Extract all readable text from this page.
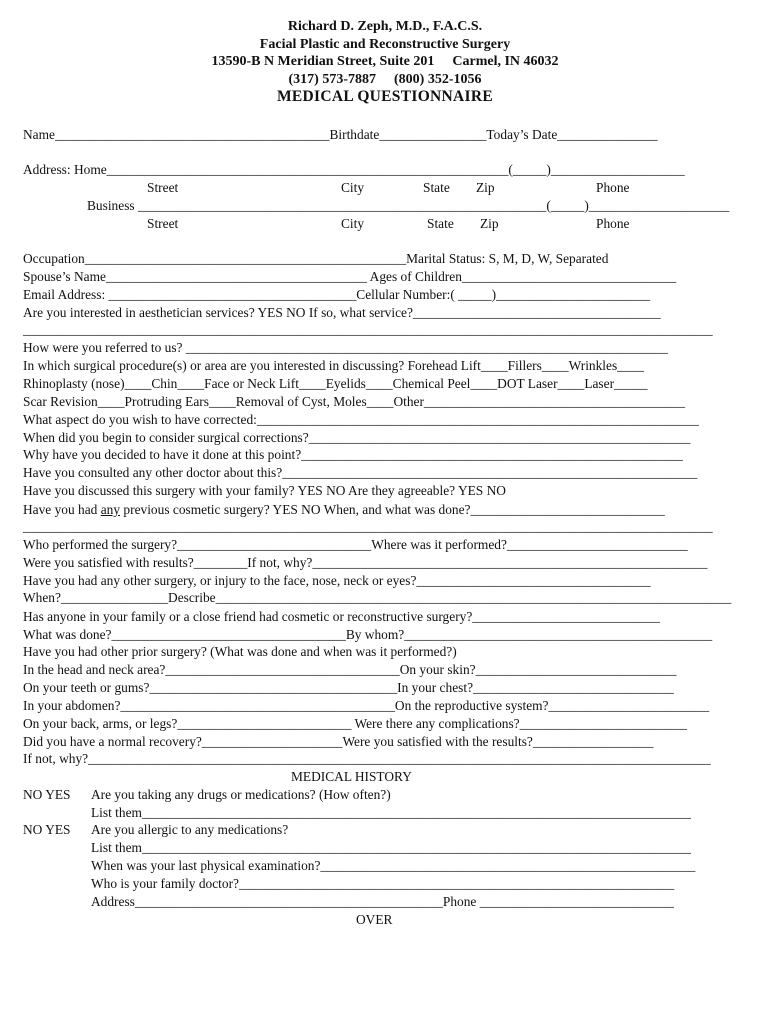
Richard D. Zeph, M.D., F.A.C.S.
Facial Plastic and Reconstructive Surgery
13590-B N Meridian Street, Suite 201 Carmel, IN 46032
(317) 573-7887 (800) 352-1056
MEDICAL QUESTIONNAIRE
Name_________________________________________Birthdate________________Today’s Date_______________
Address: Home____________________________________________________________(_____)____________________
Street	City	State Zip	Phone
Business _____________________________________________________________(_____)_____________________
Street	City	State Zip	Phone
Occupation________________________________________________Marital Status: S, M, D, W, Separated
Spouse’s Name_______________________________________ Ages of Children________________________________
Email Address: _____________________________________Cellular Number:( _____)_______________________
Are you interested in aesthetician services? YES NO If so, what service?_____________________________________
_______________________________________________________________________________________________________
How were you referred to us? ________________________________________________________________________
In which surgical procedure(s) or area are you interested in discussing? Forehead Lift____Fillers____Wrinkles____
Rhinoplasty (nose)____Chin____Face or Neck Lift____Eyelids____Chemical Peel____DOT Laser____Laser_____
Scar Revision____Protruding Ears____Removal of Cyst, Moles____Other_______________________________________
What aspect do you wish to have corrected:__________________________________________________________________
When did you begin to consider surgical corrections?_________________________________________________________
Why have you decided to have it done at this point?_________________________________________________________
Have you consulted any other doctor about this?______________________________________________________________
Have you discussed this surgery with your family? YES NO Are they agreeable? YES NO
Have you had any previous cosmetic surgery? YES NO When, and what was done?_____________________________
_______________________________________________________________________________________________________
Who performed the surgery?_____________________________Where was it performed?___________________________
Were you satisfied with results?________If not, why?___________________________________________________________
Have you had any other surgery, or injury to the face, nose, neck or eyes?___________________________________
When?________________Describe_____________________________________________________________________________
Has anyone in your family or a close friend had cosmetic or reconstructive surgery?____________________________
What was done?___________________________________By whom?______________________________________________
Have you had other prior surgery? (What was done and when was it performed?)
In the head and neck area?___________________________________On your skin?______________________________
On your teeth or gums?_____________________________________In your chest?______________________________
In your abdomen?_________________________________________On the reproductive system?________________________
On your back, arms, or legs?__________________________ Were there any complications?_________________________
Did you have a normal recovery?_____________________Were you satisfied with the results?__________________
If not, why?_____________________________________________________________________________________________
MEDICAL HISTORY
NO YES Are you taking any drugs or medications? (How often?)
List them__________________________________________________________________________________
NO YES Are you allergic to any medications?
List them__________________________________________________________________________________
When was your last physical examination?________________________________________________________
Who is your family doctor?_________________________________________________________________
Address______________________________________________Phone _____________________________
OVER
